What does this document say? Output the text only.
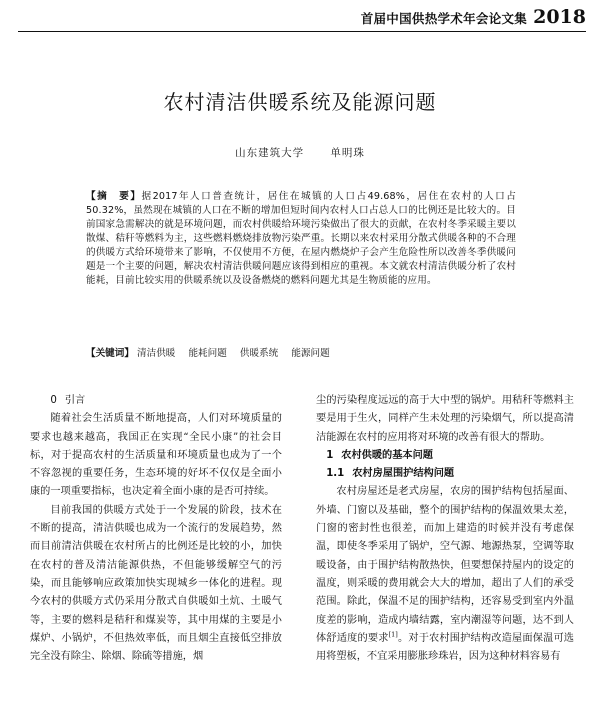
首届中国供热学术年会论文集 2018
农村清洁供暖系统及能源问题
山东建筑大学	单明珠
【摘　要】据2017年人口普查统计，居住在城镇的人口占49.68%，居住在农村的人口占50.32%，虽然现在城镇的人口在不断的增加但短时间内农村人口占总人口的比例还是比较大的。目前国家急需解决的就是环境问题，而农村供暖给环境污染做出了很大的贡献，在农村冬季采暖主要以散煤、秸秆等燃料为主，这些燃料燃烧排放物污染严重。长期以来农村采用分散式供暖各种的不合理的供暖方式给环境带来了影响，不仅使用不方便，在屋内燃烧炉子会产生危险性所以改善冬季供暖问题是一个主要的问题，解决农村清洁供暖问题应该得到相应的重视。本文就农村清洁供暖分析了农村能耗，目前比较实用的供暖系统以及设备燃烧的燃料问题尤其是生物质能的应用。
【关键词】 清洁供暖 能耗问题 供暖系统 能源问题
0 引言

随着社会生活质量不断地提高，人们对环境质量的要求也越来越高，我国正在实现“全民小康”的社会目标，对于提高农村的生活质量和环境质量也成为了一个不容忽视的重要任务，生态环境的好坏不仅仅是全面小康的一项重要指标，也决定着全面小康的是否可持续。

目前我国的供暖方式处于一个发展的阶段，技术在不断的提高，清洁供暖也成为一个流行的发展趋势，然而目前清洁供暖在农村所占的比例还是比较的小，加快在农村的普及清洁能源供热，不但能够缓解空气的污染，而且能够响应政策加快实现城乡一体化的进程。现今农村的供暖方式仍采用分散式自供暖如土炕、土暖气等，主要的燃料是秸秆和煤炭等，其中用煤的主要是小煤炉、小锅炉，不但热效率低，而且烟尘直接低空排放完全没有除尘、除烟、除硫等措施，烟

尘的污染程度远远的高于大中型的锅炉。用秸秆等燃料主要是用于生火，同样产生未处理的污染烟气，所以提高清洁能源在农村的应用将对环境的改善有很大的帮助。

1 农村供暖的基本问题
1.1 农村房屋围护结构问题

农村房屋还是老式房屋，农房的围护结构包括屋面、外墙、门窗以及基础，整个的围护结构的保温效果太差，门窗的密封性也很差，而加上建造的时候并没有考虑保温，即使冬季采用了锅炉，空气源、地源热泵，空调等取暖设备，由于围护结构散热快，但要想保持屋内的设定的温度，则采暖的费用就会大大的增加，超出了人们的承受范围。除此，保温不足的围护结构，还容易受到室内外温度差的影响，造成内墙结露，室内潮湿等问题，达不到人体舒适度的要求[1]。对于农村围护结构改造屋面保温可选用将塑板，不宜采用膨胀珍珠岩，因为这种材料容易有
